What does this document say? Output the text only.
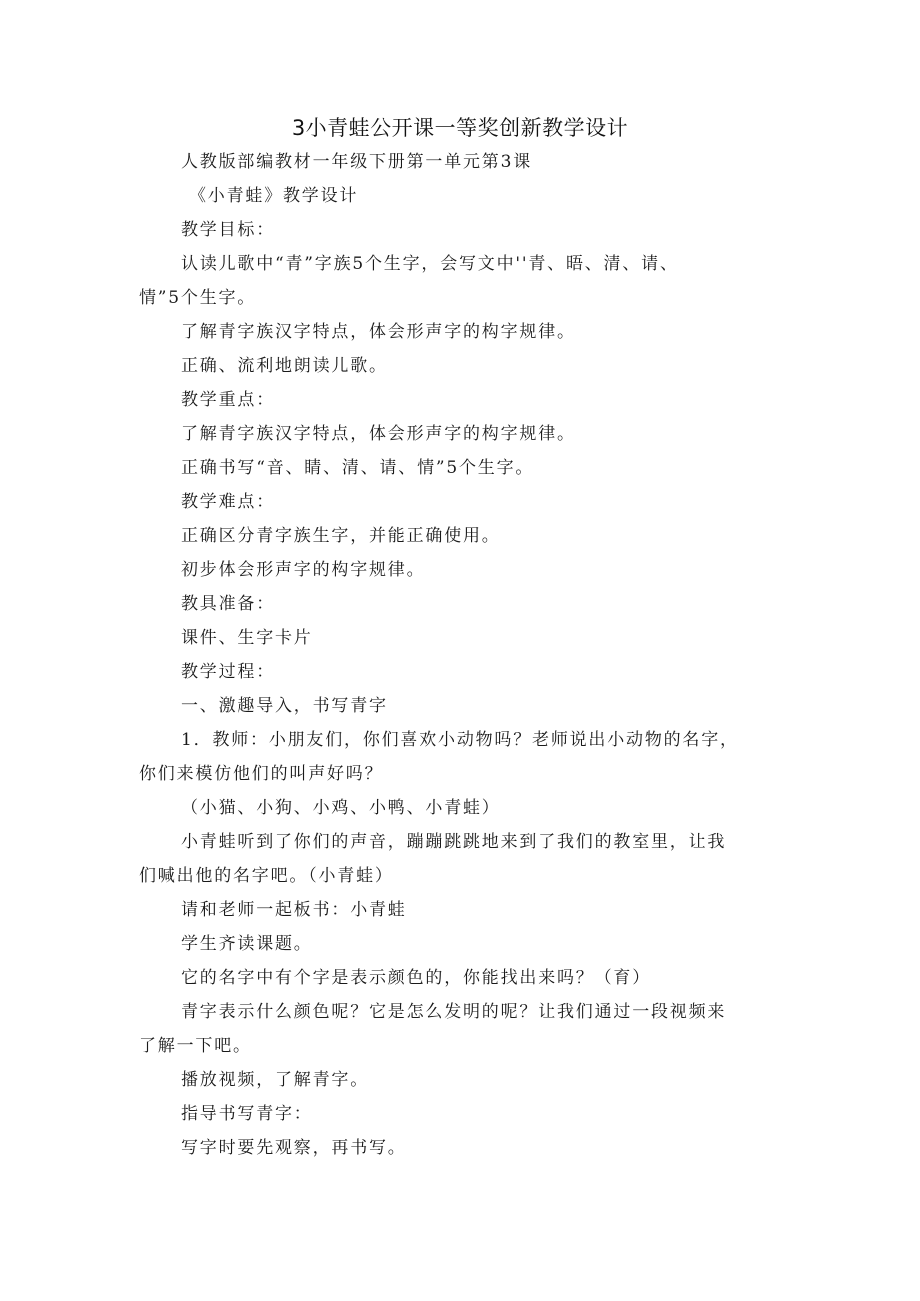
3小青蛙公开课一等奖创新教学设计
人教版部编教材一年级下册第一单元第3课
《小青蛙》教学设计
教学目标：
认读儿歌中“青”字族5个生字，会写文中''青、晤、清、请、
情”5个生字。
了解青字族汉字特点，体会形声字的构字规律。
正确、流利地朗读儿歌。
教学重点：
了解青字族汉字特点，体会形声字的构字规律。
正确书写“音、睛、清、请、情”5个生字。
教学难点：
正确区分青字族生字，并能正确使用。
初步体会形声字的构字规律。
教具准备：
课件、生字卡片
教学过程：
一、激趣导入，书写青字
1．教师：小朋友们，你们喜欢小动物吗？老师说出小动物的名字，
你们来模仿他们的叫声好吗？
（小猫、小狗、小鸡、小鸭、小青蛙）
小青蛙听到了你们的声音，蹦蹦跳跳地来到了我们的教室里，让我
们喊出他的名字吧。（小青蛙）
请和老师一起板书：小青蛙
学生齐读课题。
它的名字中有个字是表示颜色的，你能找出来吗？（育）
青字表示什么颜色呢？它是怎么发明的呢？让我们通过一段视频来
了解一下吧。
播放视频，了解青字。
指导书写青字：
写字时要先观察，再书写。
